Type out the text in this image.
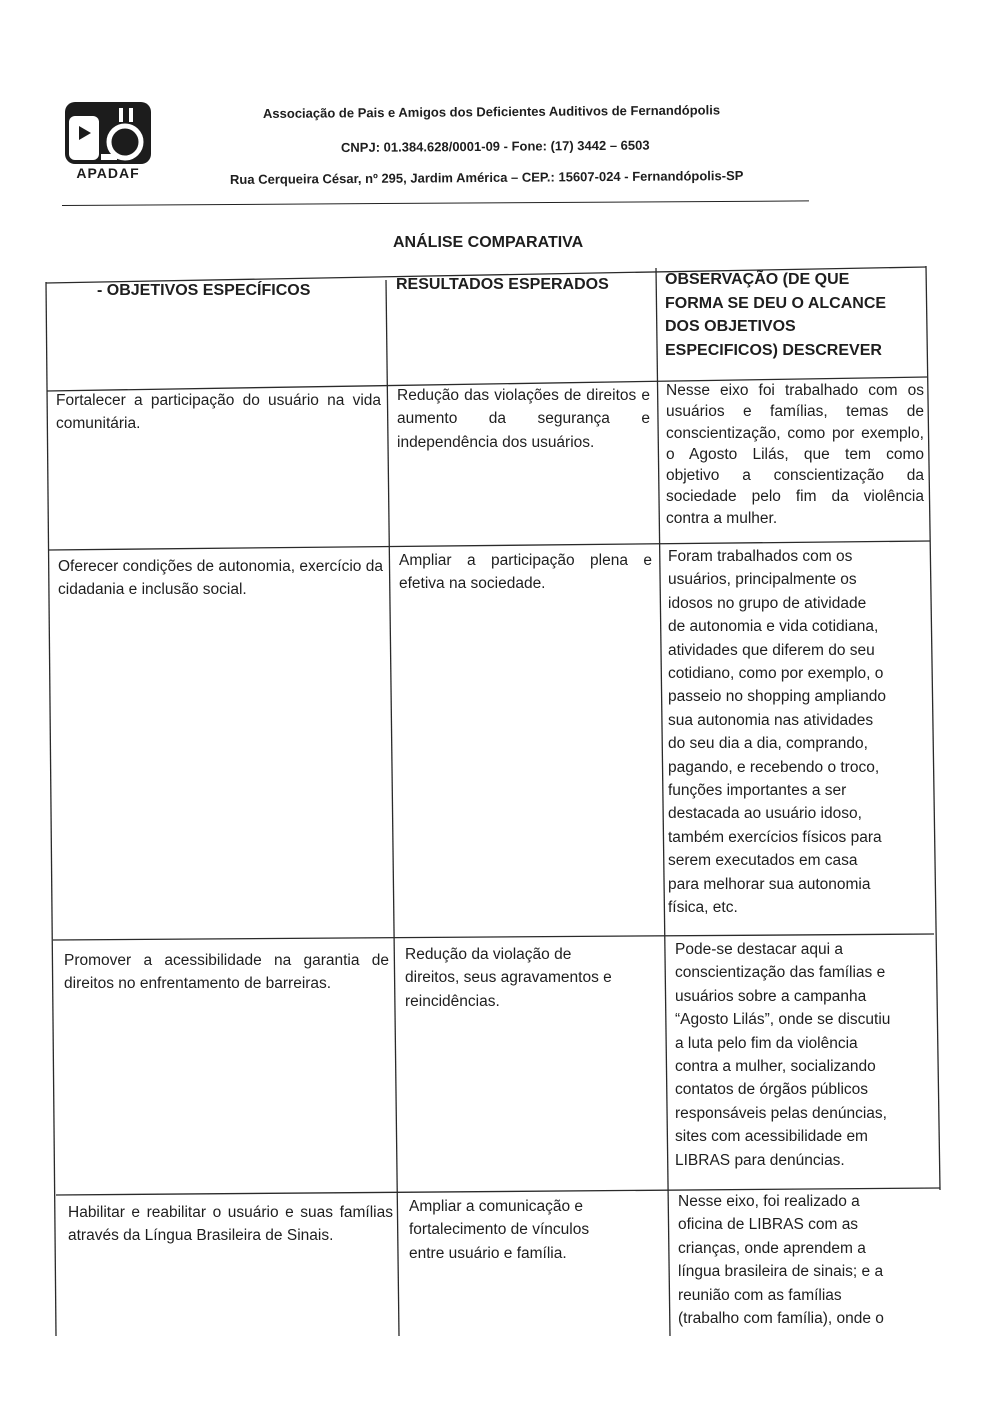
APADAF
Associação de Pais e Amigos dos Deficientes Auditivos de Fernandópolis
CNPJ: 01.384.628/0001-09 - Fone: (17) 3442 – 6503
Rua Cerqueira César, nº 295, Jardim América – CEP.: 15607-024 - Fernandópolis-SP
ANÁLISE COMPARATIVA
- OBJETIVOS ESPECÍFICOS	RESULTADOS ESPERADOS	OBSERVAÇÃO (DE QUE
FORMA SE DEU O ALCANCE
DOS OBJETIVOS
ESPECIFICOS) DESCREVER
Fortalecer a participação do usuário na vida comunitária.
Redução das violações de direitos e aumento da segurança e independência dos usuários.
Nesse eixo foi trabalhado com os usuários e famílias, temas de conscientização, como por exemplo, o Agosto Lilás, que tem como objetivo a conscientização da sociedade pelo fim da violência contra a mulher.
Oferecer condições de autonomia, exercício da cidadania e inclusão social.
Ampliar a participação plena e efetiva na sociedade.
Foram trabalhados com os
usuários, principalmente os
idosos no grupo de atividade
de autonomia e vida cotidiana,
atividades que diferem do seu
cotidiano, como por exemplo, o
passeio no shopping ampliando
sua autonomia nas atividades
do seu dia a dia, comprando,
pagando, e recebendo o troco,
funções importantes a ser
destacada ao usuário idoso,
também exercícios físicos para
serem executados em casa
para melhorar sua autonomia
física, etc.
Promover a acessibilidade na garantia de direitos no enfrentamento de barreiras.
Redução da violação de
direitos, seus agravamentos e
reincidências.
Pode-se destacar aqui a
conscientização das famílias e
usuários sobre a campanha
“Agosto Lilás”, onde se discutiu
a luta pelo fim da violência
contra a mulher, socializando
contatos de órgãos públicos
responsáveis pelas denúncias,
sites com acessibilidade em
LIBRAS para denúncias.
Habilitar e reabilitar o usuário e suas famílias através da Língua Brasileira de Sinais.
Ampliar a comunicação e
fortalecimento de vínculos
entre usuário e família.
Nesse eixo, foi realizado a
oficina de LIBRAS com as
crianças, onde aprendem a
língua brasileira de sinais; e a
reunião com as famílias
(trabalho com família), onde o
